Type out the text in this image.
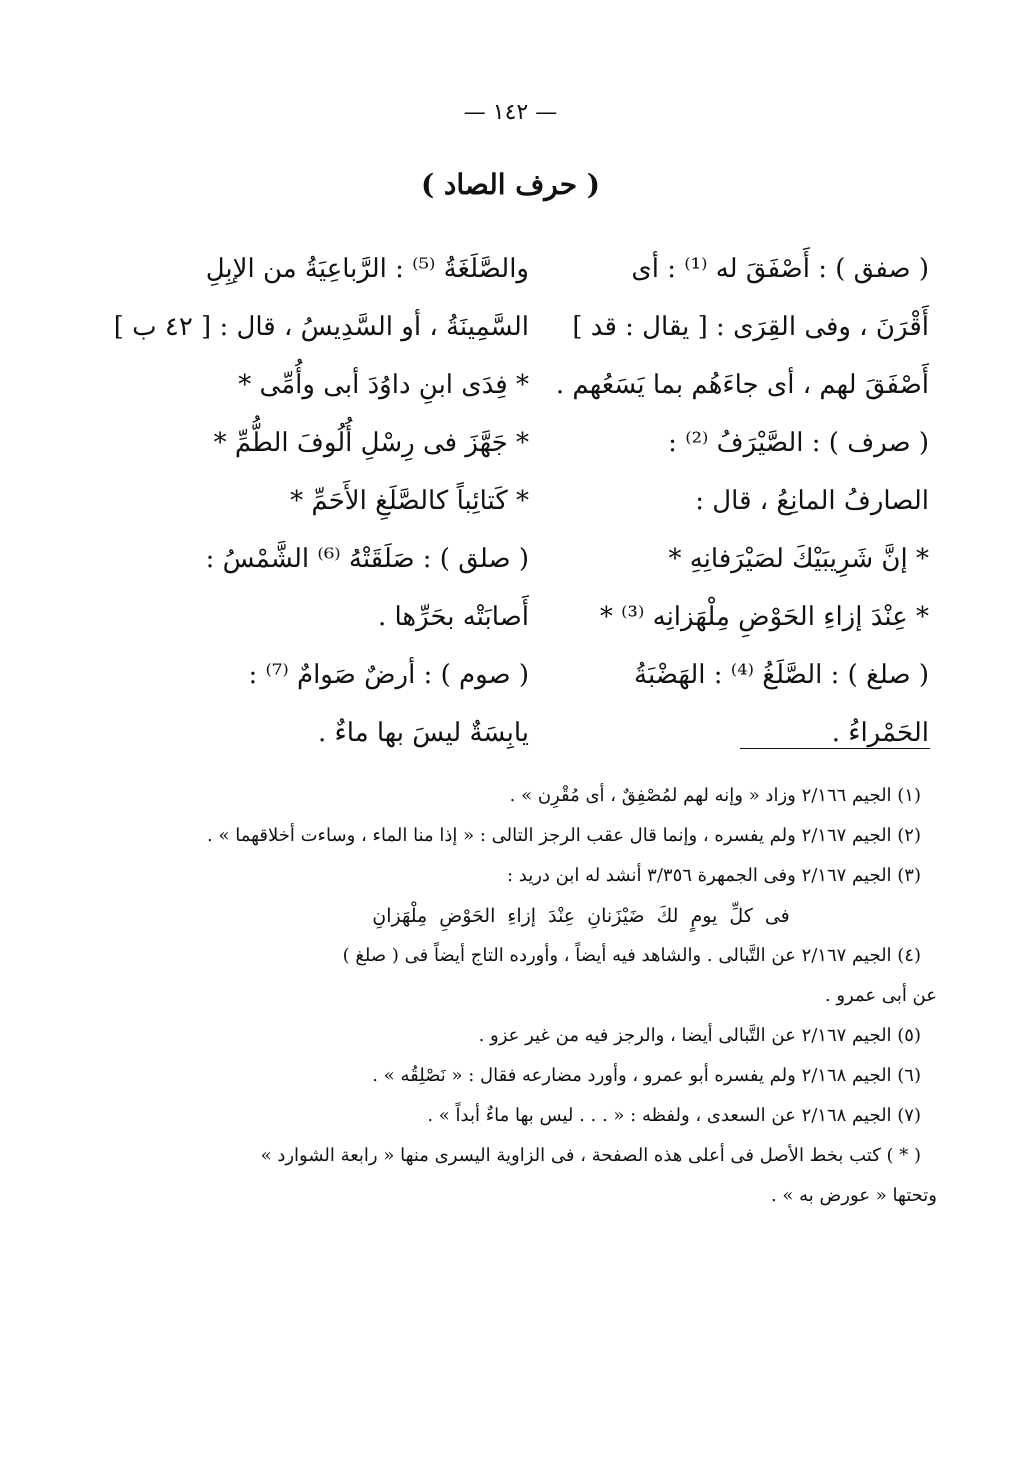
— ١٤٢ —
( حرف الصاد )
( صفق ) : أَصْفَقَ له ⁽¹⁾ : أى
أَقْرَنَ ، وفى القِرَى : [ يقال : قد ]
أَصْفَقَ لهم ، أى جاءَهُم بما يَسَعُهم .
( صرف ) : الصَّيْرَفُ ⁽²⁾ :
الصارفُ المانِعُ ، قال :
* إنَّ شَرِيبَيْكَ لصَيْرَفانِهِ *
* عِنْدَ إزاءِ الحَوْضِ مِلْهَزانِه ⁽³⁾ *
( صلغ ) : الصَّلَغُ ⁽⁴⁾ : الهَضْبَةُ
الحَمْراءُ .
والصَّلَغَةُ ⁽⁵⁾ : الرَّباعِيَةُ من الإبِلِ
السَّمِينَةُ ، أو السَّدِيسُ ، قال : [ ٤٢ ب ]
* فِدَى ابنِ داوُدَ أبى وأُمِّى *
* جَهَّزَ فى رِسْلِ أُلُوفَ الطُّمِّ *
* كَتائِباً كالصَّلَغِ الأَحَمِّ *
( صلق ) : صَلَقَتْهُ ⁽⁶⁾ الشَّمْسُ :
أَصابَتْه بحَرِّها .
( صوم ) : أرضٌ صَوامٌ ⁽⁷⁾ :
يابِسَةٌ ليسَ بها ماءٌ .
(١) الجيم ٢/١٦٦ وزاد « وإنه لهم لمُصْفِقٌ ، أى مُقْرِن » .
(٢) الجيم ٢/١٦٧ ولم يفسره ، وإنما قال عقب الرجز التالى : « إذا منا الماء ، وساءت أخلاقهما » .
(٣) الجيم ٢/١٦٧ وفى الجمهرة ٣/٣٥٦ أنشد له ابن دريد :
فى كلِّ يومٍ لكَ ضَيْزَنانِ عِنْدَ إزاءِ الحَوْضِ مِلْهَزانِ
(٤) الجيم ٢/١٦٧ عن التَّبالى . والشاهد فيه أيضاً ، وأورده التاج أيضاً فى ( صلغ )
عن أبى عمرو .
(٥) الجيم ٢/١٦٧ عن التَّبالى أيضا ، والرجز فيه من غير عزو .
(٦) الجيم ٢/١٦٨ ولم يفسره أبو عمرو ، وأورد مضارعه فقال : « نَصْلِقُه » .
(٧) الجيم ٢/١٦٨ عن السعدى ، ولفظه : « . . . ليس بها ماءٌ أبداً » .
( * ) كتب بخط الأصل فى أعلى هذه الصفحة ، فى الزاوية اليسرى منها « رابعة الشوارد »
وتحتها « عورض به » .
